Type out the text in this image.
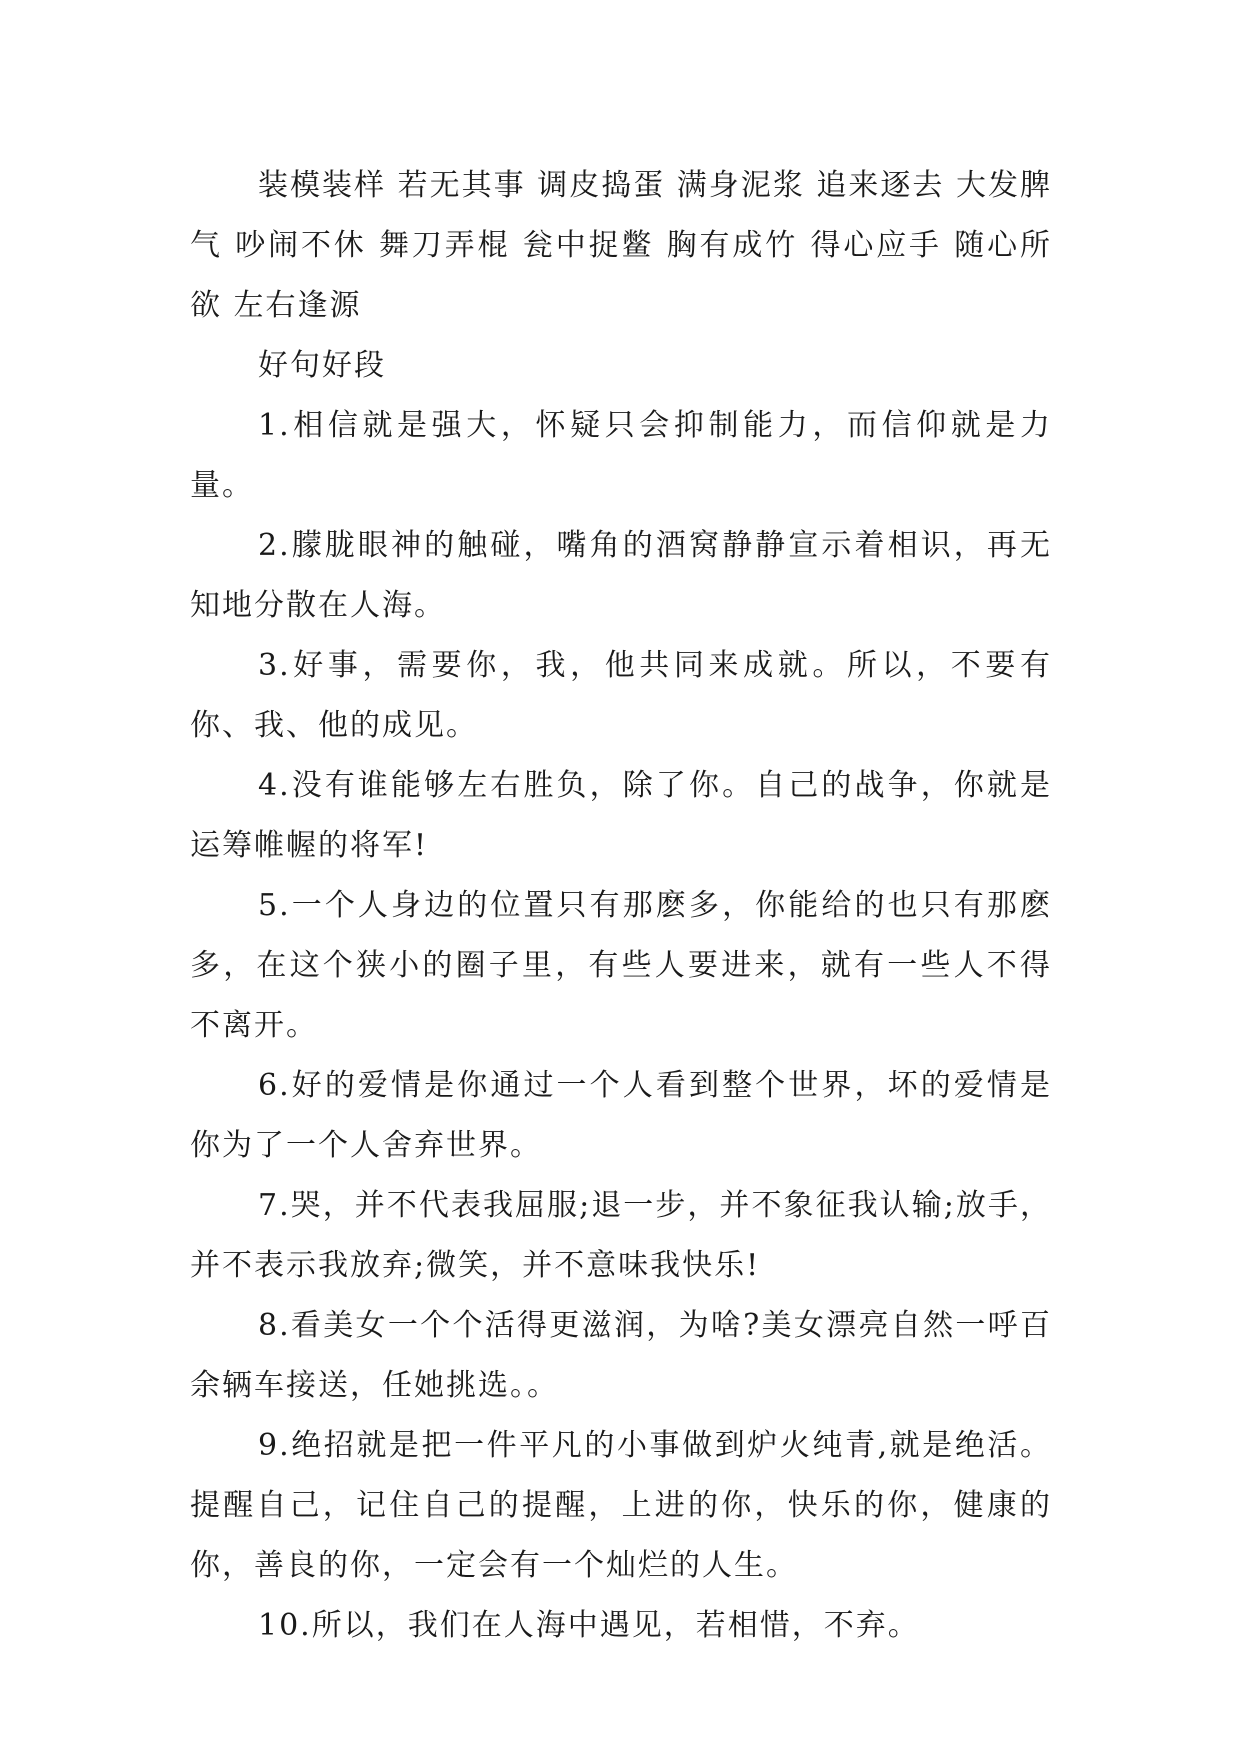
装模装样 若无其事 调皮捣蛋 满身泥浆 追来逐去 大发脾气 吵闹不休 舞刀弄棍 瓮中捉鳖 胸有成竹 得心应手 随心所欲 左右逢源

好句好段

1.相信就是强大，怀疑只会抑制能力，而信仰就是力量。

2.朦胧眼神的触碰，嘴角的酒窝静静宣示着相识，再无知地分散在人海。

3.好事，需要你，我，他共同来成就。所以，不要有你、我、他的成见。

4.没有谁能够左右胜负，除了你。自己的战争，你就是运筹帷幄的将军!

5.一个人身边的位置只有那麽多，你能给的也只有那麽多，在这个狭小的圈子里，有些人要进来，就有一些人不得不离开。

6.好的爱情是你通过一个人看到整个世界，坏的爱情是你为了一个人舍弃世界。

7.哭，并不代表我屈服;退一步，并不象征我认输;放手，并不表示我放弃;微笑，并不意味我快乐!

8.看美女一个个活得更滋润，为啥?美女漂亮自然一呼百余辆车接送，任她挑选。。

9.绝招就是把一件平凡的小事做到炉火纯青,就是绝活。提醒自己，记住自己的提醒，上进的你，快乐的你，健康的你，善良的你，一定会有一个灿烂的人生。

10.所以，我们在人海中遇见，若相惜，不弃。
